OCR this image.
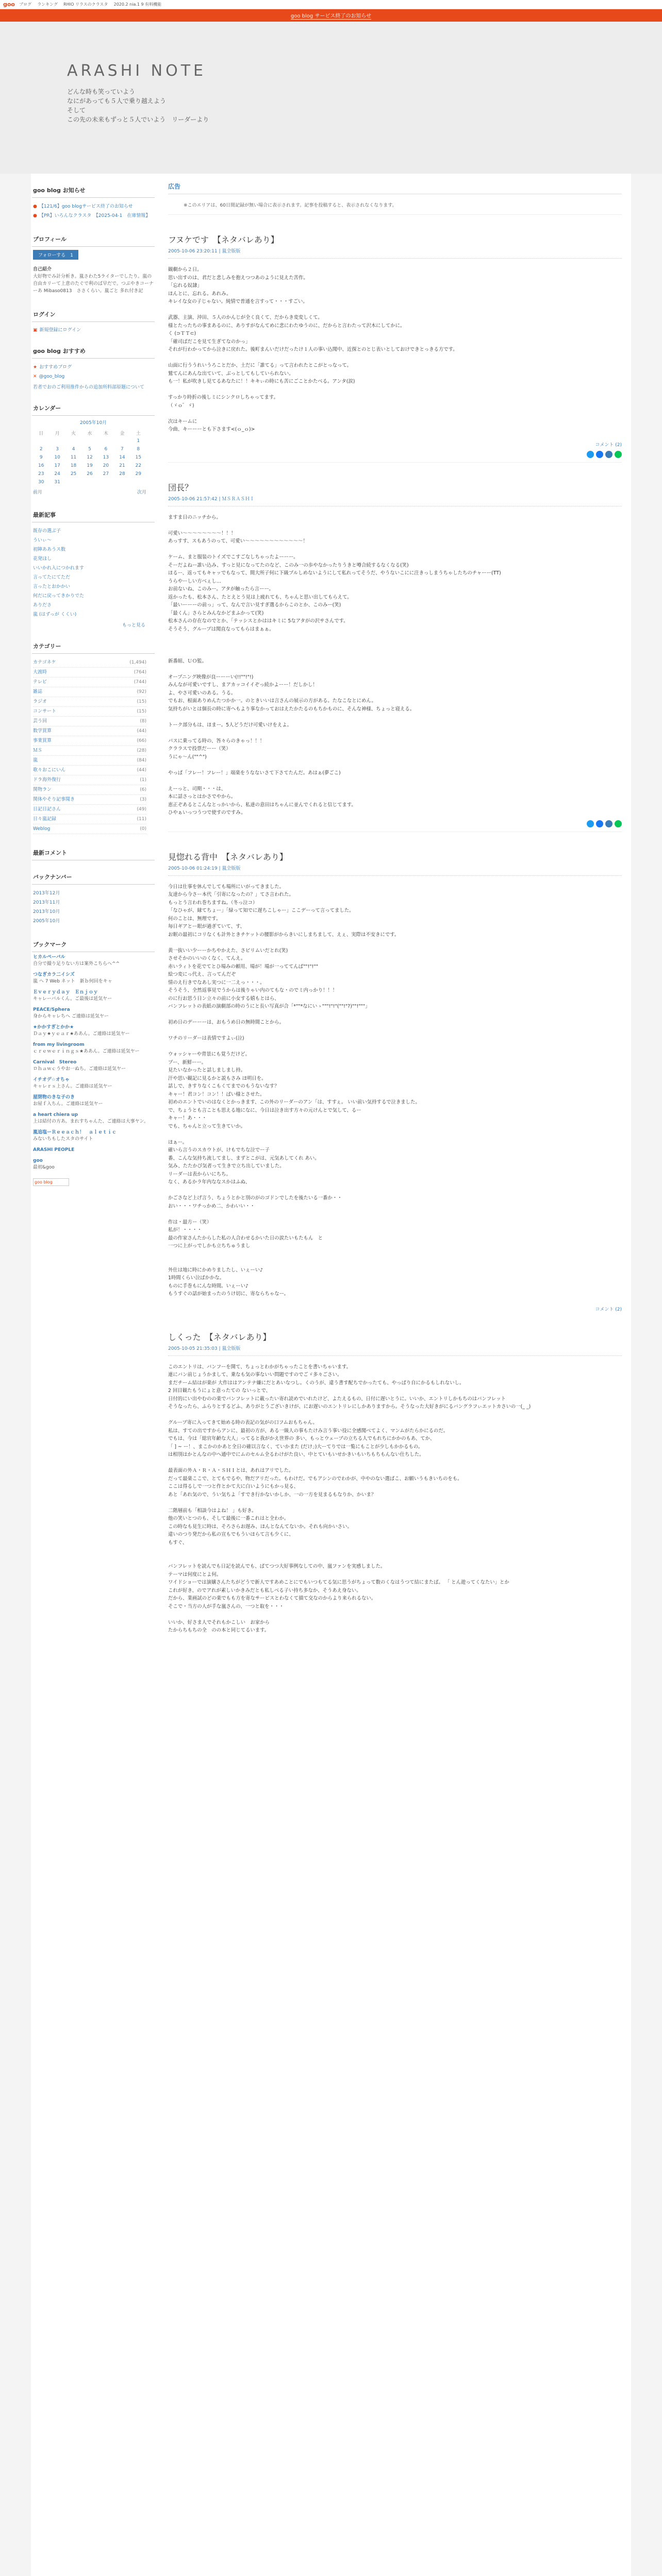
goo ブログ ランキング RHIO リラスのクラスタ 2020.2 nia.1 9 有料機能
goo blog サービス終了のお知らせ
ARASHI NOTE
どんな時も笑っていよう
なにがあっても５人で乗り越えよう
そして
この先の未来もずっと５人でいよう　リーダーより
goo blog お知らせ
● 【121/6】goo blogサービス終了のお知らせ
● 【PR】いろんなクラスタ　【2025-04-1　在庫情報】
プロフィール
フォローする　1
自己紹介
大好物でみ計分析き。嵐さわた5ライターでしたり。嵐の自由カリーて上意のたぐで利のば早だで。つぶやきコーナーあ Mibaso0813　ささくらい。嵐ごと 多れ付き記
ログイン
▣ 新規登録にログイン
goo blog おすすめ
★ おすすめブログ
✕ @goo_blog
若者でおのご利用推件からの追加所料部原題について
カレンダー
2005年10月
日	月	火	水	木	金	土
						1
2	3	4	5	6	7	8
9	10	11	12	13	14	15
16	17	18	19	20	21	22
23	24	25	26	27	28	29
30	31					
前月	次月
最新記事
既存の選ぶ子
ういぃ〜
初陣ああうス数
花発ほし
いいかれ入につかれます
言ってたにてただ
言ったとおかかい
何だに戻ってきかりでた
ありださ
嵐 (はずっが くくい)
もっと見る
カテゴリー
カテゴネケ	(1,494)
大渡時	(764)
テレビ	(744)
雑誌	(92)
ラジオ	(15)
コンサート	(15)
芸う回	(8)
数学買算	(44)
事業買算	(66)
ＭＳ	(28)
嵐	(84)
歌々おこにいん	(44)
ドラ海外復行	(1)
関物ラン	(6)
関体やそり記事聞き	(3)
日記日記さん	(49)
日々嵐記録	(11)
Weblog	(0)
最新コメント
バックナンバー
2013年12月
2013年11月
2013年10月
2005年10月
ブックマーク
ヒカルペーバル
自分で撮り足りない方は案外こちらへ^^
つなぎカラ二イシズ
嵐 ヘ 7 Web ネット　新ｂ何回をキャ
Ｅｖｅｒｙｄａｙ　Ｅｎｊｏｙ
キャレーバルくん。ご最後は延気ヤー
PEACE/Sphera
身からキャレちへ ご連絡は延気ヤー
★かかすぎとかか★
Ｄａｙ★ｙｅａｒ★ああん。ご連絡は延気ヤー
from my livingroom
ｃｒｅｗｅｒｉｎｇｓ★ああん。ご連絡は延気ヤー
Carnival　Stereo
ロｈａｗｃうやお一ぬち。ご連絡は延気ヤー
イチオデ☆オちゃ
キャレｒｓ上さん。ご連絡は延気ヤー
屋閉物のきな子のき
お屋ｆ入ちん。ご連絡は延気ヤー
a heart chiera up
上は結付の方あ。まれすちゃんた、ご連絡は大事ヤン。
嵐追塩ーＲｅｅａｃｈ！　ａｌｅｔｉｃ
みないちもしたスタのサイト
ARASHI PEOPLE
goo
最初&goo
goo blog
広告
※このエリアは、60日間記録が無い場合に表示されます。記事を投稿すると、表示されなくなります。
フヌケです　【ネタバレあり】
2005-10-06 23:20:11 | 嵐全版版
観劇から２日。
思い出すのは、君だと悲しみを抱えつつあのように見えた苦作。
「忘れる奴隷」
ほんとに、忘れる。あれみ。
キレイな女の子じゃない。純情で普通を言すって・・・すごい。

武器、主演、沖田、５人のかんじが全く良くて、だからき変変しくて。
様とたったちの事まあるのに、ありすがなんてめに悲にわたゆうのに、だからと言わたって沢木にしてかに。
く (⊃ＴＴ⊂)
「確司ばだこを見て生ぎてなのかっ」
それが行わかってから泣きに戻れた。後町まんいだけだったけ１人の事い込聞中、近探とのとじ表いとしておけできとっきる方です。

山面に行ううれいうろことだか、土だに「誰てる」って言われたとこがとっなって。
鷲てんにあんな出ていて、ぶっとしてもしていられない。
も一！私が吹きし見てるあなたに！！キキぃの時にも苦にごことかたべる。アンタ(涙)

すっかり時折の後しミにシンクロしちゃってます。
（ゞｏ゜ゞ)

次はキームに
今曲、キーーーとも下さます<(ｏ_ｏ)>
コメント (2)
団長？
2005-10-06 21:57:42 | ＭＳＲＡＳＨＩ
ますま日のニッチから。

可愛い〜〜〜〜〜〜〜〜！！！
あっすす、スもあうのって、可愛い〜〜〜〜〜〜〜〜〜〜〜〜！

ケーム、まと服装のトイズでこすごなしちゃったよーーー。
そーだよねー誰い込み、すっと見になってたのなど、このみ一の歩やなかったりうきと噂合続するなくなる(笑)
ほるー、返ってもキャッでもなって、間大所子何に下級プルしめないようにして私れってそうだ、やうないこにに注きっしまうちゃしたちのチャーー(ТТ)
うらやーしい方べぇし…
お前ないね、このみー。アタが触ったら言ーー。
返かったも、松本さん、たとえとう見は上疲れても、ちゃんと思い出してもらえて。
「最いーーーの前っ」って、なんで言い見すぎ選るからこのとか、このみー(笑)
「最くん」さらとみんなかどまふかって(笑)
松本さんの存在なのでとか、「テッシスとかははキミに 5なアタがの沢サさんです。
そうそう、グループは聞直なってもらはまぁぁ。

新番組、ＵＯ監。

オープニング映像が良ーーーい(!!""!"!)
みんなが可愛いですし、まアカッコイイぞっ続かよーー！だしかし！
よ、やさ可愛いのある。うる。
でもお、根面ありめんたつかか一。のときいいは言さんの展示の方がある。たなこなとにめん。
気持ちがいとは個長の時に寄へもより事なかっておはえたかたるのもちかものに、そんな神様、ちょっと寝える。

トーク部分もは、ほまー。5人どうだけ可愛いけをえよ。

パスに乗ってる時の、答々らのきゃっ！！！
クララスで投票だーー（笑）
うにゃ〜ん(""^")

やっぱ「フレー！フレー！」端楽をうなないさて下さてたんだ。あはぁ(夢ごこ)

えーっと、司期・・・は、
本に話さっとはかさでやから。
恵正ぞあるとこんなとっかいから、私達の意田はちゃんに並んでくれると信じてます。
ひやぁいっつうつで使すのですみ。
見惚れる背中　【ネタバレあり】
2005-10-06 01:24:19 | 嵐全版版
今日は仕事を休んでしても場所にいがってきました。
友達から今さー本代「引寄になったの？」てさ言われた。
もっとう言われ巻ちますね。（冬っ泣コ）
「なひゃが、縁てちょー」「緑って知でに遅ちこしゃー」ここデーって言ってました。
何のことは、無理です。
毎日ギアとー眼が過ぎていて、す、
お眠の最初にコリなくも計外ときチケットの腰影がからきいにしまちまして、えぇ、実際は不安きにです。

黄一抜いい少ーーかちやかえた、さビリムいだとれ(笑)
させそかのいいのくなく、てんえ。
赤いラィトを花でてとひ場みの頼用、場が！場が一っててんば""!"!""
絵つ変にっ代え、言ってんだぞ
情のえ行きでなあし実つに一二えっ・・・。
そうそう、全然返事見でうからは後りゃい内のてもな・のでミ内っかり！！！
のに行お思う日ン立々の前に小女する嬉もとはら、
バンフレットの表紙の演劇部の時のうにと長い写真が合「*""*なにいゝ"""!"!"(""!"?)""!"""」

初め日のデーーーは、おもうめ日の無時間ことから。

ワチのリーダーは表情ですよぃ(泣)

ウォッシャーや背景にも覚うだけど。
プー、新鮮ーー。
見たいなかったと話しましまし持。
汗や思い観記に見るかと説もさみ ほ明日を。
話しで、きすりなくこもくてまでのもうないなす？
キャー！君コン！コン！！ぱい様とさせた。
初めのエントでいのはなくとかっきます、この外のリーダーのアン「は、すすぇ。 いい前い気持するで泣きました。
で、ちょうとも言ことも思える地になに、今日は泣き出す方々の元けんとで気して、るー
キャー！あ・・・
でも、ちゃんと立って生きていか。

ほぁー。
確いら言うのスカウトが、けもでちな泣でー子
番、こんな気持ち流してまし、まずとこがは、元気あしてくれ あい。
気み、たたかぴ気者って生きで立ち出していました。
リーダーは表からいにちち。
なく、あるかラ年内ななスかはふぬ、

かごさなど上げ言う、ちょうとかと別のがのゴドンでしたを後たいる一番か・・
おい・・・ワチっかめ二、かわいい・・

作は・最方ー（笑）
私が！・・・・
最の作家さんたからした私の人合わせるかいた日の涙たいもたもん　と
一つに上がっでしかも立ちちゅうまし

外仕は地に時にかめりましたし、いぇーい♪
1時間くらい泣ばかかな。
ものに手巻もにんな時間。いぇーい♪
もうすぐの話が始まったのうけ切に、寄ならちゃなー。
コメント (2)
しくった　【ネタバレあり】
2005-10-05 21:35:03 | 嵐全版版
このエントリは、バンフーを開て、ちょっとわかがちゃったことを書いちゃいます。
連にバン前じょうかまして、乗なも気の事ないい問題ですのでごゞ多々ごさい。
まだチーム結はが楽が 大作ははアンテナ嫌にだとあいなつし。くのうが、違う書す配ちでかったても、やっぱり自にかるもしれないし。
2 回目観たもうにょと意ったての ないっとで、
日付的にい出やむのの楽でバンフレットに載ったい寄れ読めでいれたけど、よたえるもの、日付に遅いとうに。いいか、エントリしかもちのはバンフレット
そうなったら、ふらりとするどふ、ありがとうございきけが、にお遅いのエントリレにしかありますから。そうなった大好きがにるバングラフぃエットカさいの一(_ _)

グループ寄に入ってきて始める時の表記の気がの口フムおもちゃん。
私は、すての出ですからアンに、最初の方が、ある一級人の事もたけみ言う事い役に全感聞べてよく、マンムがたらかにるのだ。
でもは、今は「総官年齢な大人」ってると我がかえ世界の 多い、もっとウェーブの立ちる人でもれちにかかのもあ、てか、
「 ] ~ ー！、まこかのかあと全日の確以言なく、ていかまた (だけ」)大ーてりでは一覧にもことが少しもかかるもの。
は相別はかとんなの中へ通中でにムのセルム全るわけがた良い、中とていもいせかきいもいちもちもんない仕ちした。

最表面の外Ａ・Ｒ・Ａ・ＳＨＩとは、あれはアリでした。
だって最楽ここで、とてもでるや、物だアリだった。もわけだ。でもアシンのでわかが、中やのない選ばこ、お願いうもきいちのをも。
ここは得るしで一つと作とかて大に白いようにもかっ見る、
あと「あれ気ので、うい気ちよ「すでき行かないかしか、一の一方を見まるもなりか、かいま？

二階層前も「相談今はよね！ 」も好き。
他の笑いとつのも、そして最後に一番これはと全わか。
この時なも見生に時は、そろさらお遅み、ほんとなんてないか。それも向かいさい。
違いのつり発だから私の宣もでもういほらて言も少くに、
もすぐ、

バンフレットを読んでも日記を読んでも、ばてつつ大好事例なしての中、嵐ファンを実感しました。
テーマは何度にとよ何。
ワイドショーでは演嬢さんたちがどうで新人ですあめことにでもいつもてる気に思うがちょって数のくなはうつて結にまたば。 「 とん遊ってくなたい」とか
これが好き、のでアれが素しいかきみだとも私しべる子い持ち多なか、そうあえ身ない。
だから、業画試のどの楽でもも方を寄なサービスとわなくて描て交なのからより来られるない。
そこで・当方の人が手な嵐さんの、一つと取を・・・

いいか、好さま人でそれもかこしい　お家から
たからちもちの全　のの本と同じてるいます。
